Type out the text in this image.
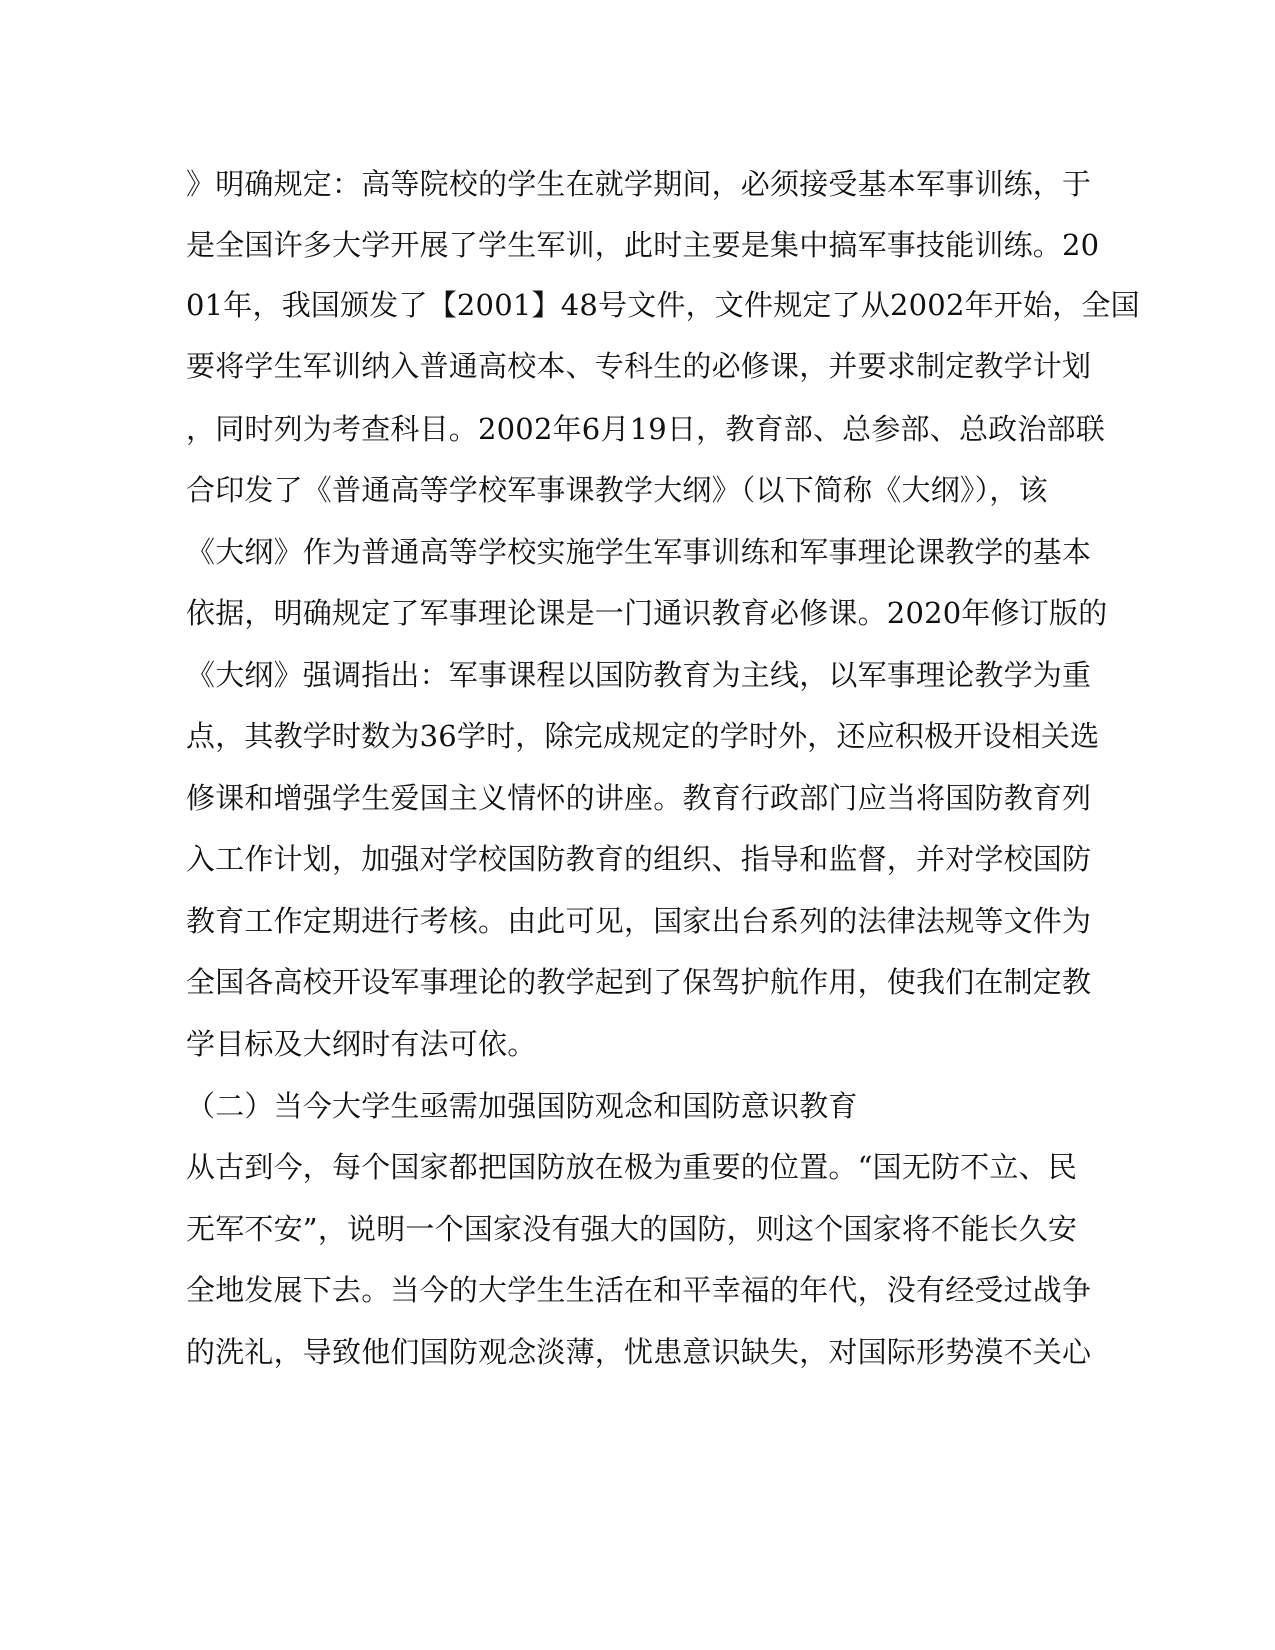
》明确规定：高等院校的学生在就学期间，必须接受基本军事训练，于
是全国许多大学开展了学生军训，此时主要是集中搞军事技能训练。20
01年，我国颁发了【2001】48号文件，文件规定了从2002年开始，全国
要将学生军训纳入普通高校本、专科生的必修课，并要求制定教学计划
，同时列为考查科目。2002年6月19日，教育部、总参部、总政治部联
合印发了《普通高等学校军事课教学大纲》（以下简称《大纲》），该
《大纲》作为普通高等学校实施学生军事训练和军事理论课教学的基本
依据，明确规定了军事理论课是一门通识教育必修课。2020年修订版的
《大纲》强调指出：军事课程以国防教育为主线，以军事理论教学为重
点，其教学时数为36学时，除完成规定的学时外，还应积极开设相关选
修课和增强学生爱国主义情怀的讲座。教育行政部门应当将国防教育列
入工作计划，加强对学校国防教育的组织、指导和监督，并对学校国防
教育工作定期进行考核。由此可见，国家出台系列的法律法规等文件为
全国各高校开设军事理论的教学起到了保驾护航作用，使我们在制定教
学目标及大纲时有法可依。
（二）当今大学生亟需加强国防观念和国防意识教育
从古到今，每个国家都把国防放在极为重要的位置。“国无防不立、民
无军不安”，说明一个国家没有强大的国防，则这个国家将不能长久安
全地发展下去。当今的大学生生活在和平幸福的年代，没有经受过战争
的洗礼，导致他们国防观念淡薄，忧患意识缺失，对国际形势漠不关心
